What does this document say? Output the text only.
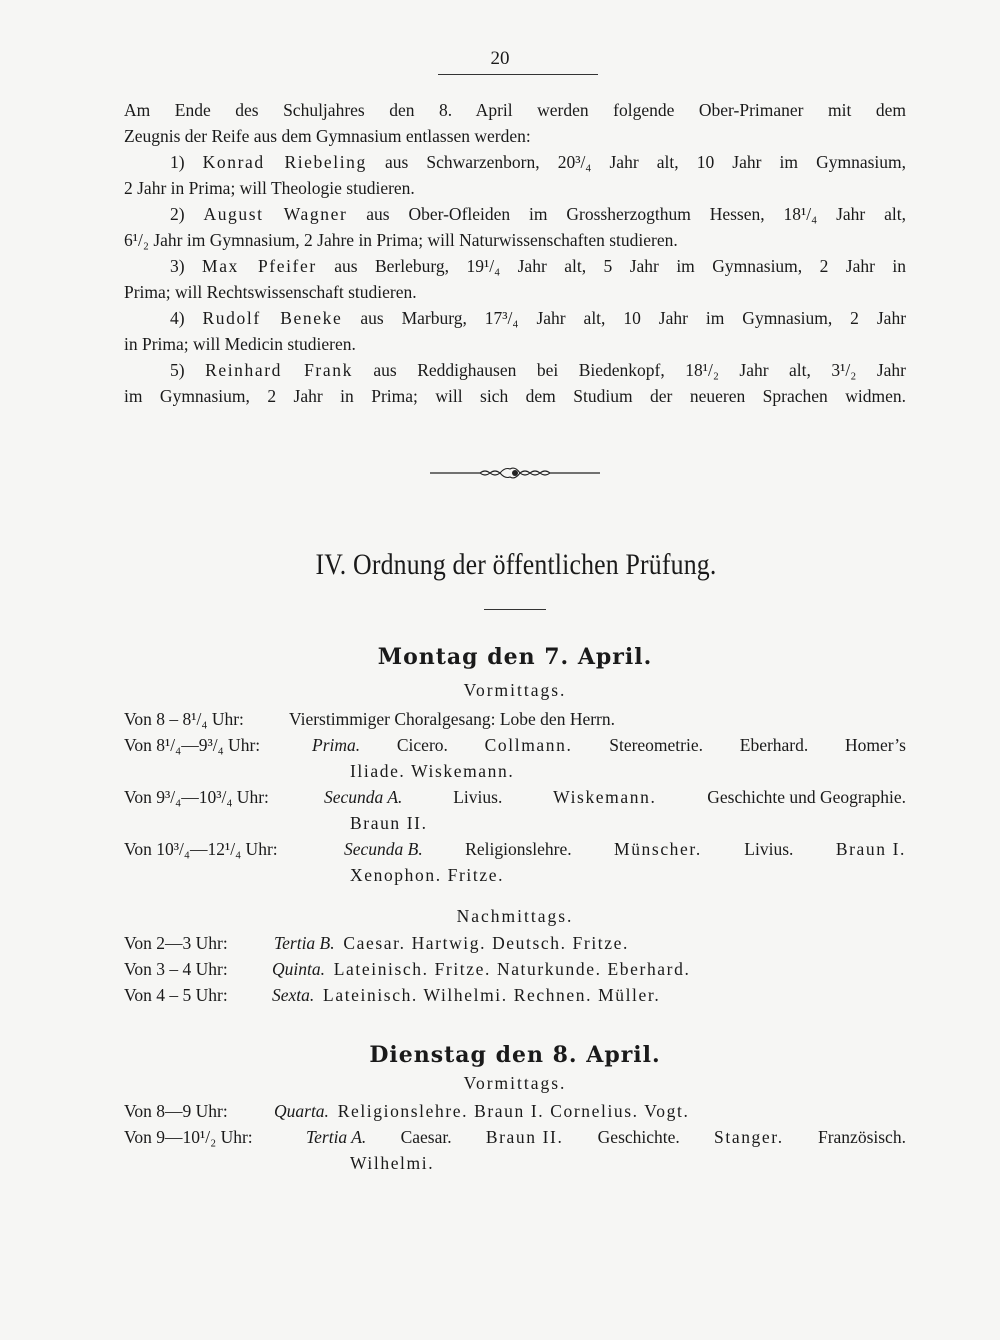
20

Am Ende des Schuljahres den 8. April werden folgende Ober-Primaner mit dem

Zeugnis der Reife aus dem Gymnasium entlassen werden:

1) Konrad Riebeling aus Schwarzenborn, 20³/₄ Jahr alt, 10 Jahr im Gymnasium,

2 Jahr in Prima; will Theologie studieren.

2) August Wagner aus Ober-Ofleiden im Grossherzogthum Hessen, 18¹/₄ Jahr alt,

6¹/₂ Jahr im Gymnasium, 2 Jahre in Prima; will Naturwissenschaften studieren.

3) Max Pfeifer aus Berleburg, 19¹/₄ Jahr alt, 5 Jahr im Gymnasium, 2 Jahr in

Prima; will Rechtswissenschaft studieren.

4) Rudolf Beneke aus Marburg, 17³/₄ Jahr alt, 10 Jahr im Gymnasium, 2 Jahr

in Prima; will Medicin studieren.

5) Reinhard Frank aus Reddighausen bei Biedenkopf, 18¹/₂ Jahr alt, 3¹/₂ Jahr

im Gymnasium, 2 Jahr in Prima; will sich dem Studium der neueren Sprachen widmen.

IV. Ordnung der öffentlichen Prüfung.
Montag den 7. April.
Vormittags.
Von 8 – 8¹/₄ Uhr:	Vierstimmiger Choralgesang: Lobe den Herrn.
Von 8¹/₄—9³/₄ Uhr:	Prima. Cicero. Collmann. Stereometrie. Eberhard. Homer’s
Iliade. Wiskemann.
Von 9³/₄—10³/₄ Uhr:	Secunda A.	Livius.	Wiskemann.	Geschichte und Geographie.
Braun II.
Von 10³/₄—12¹/₄ Uhr:	Secunda B. Religionslehre. Münscher. Livius. Braun I.
Xenophon. Fritze.
Nachmittags.
Von 2—3 Uhr:	Tertia B. Caesar. Hartwig. Deutsch. Fritze.
Von 3 – 4 Uhr:	Quinta. Lateinisch. Fritze. Naturkunde. Eberhard.
Von 4 – 5 Uhr:	Sexta. Lateinisch. Wilhelmi. Rechnen. Müller.
Dienstag den 8. April.
Vormittags.
Von 8—9 Uhr:	Quarta. Religionslehre. Braun I. Cornelius. Vogt.
Von 9—10¹/₂ Uhr:	Tertia A. Caesar. Braun II. Geschichte. Stanger. Französisch.
Wilhelmi.
